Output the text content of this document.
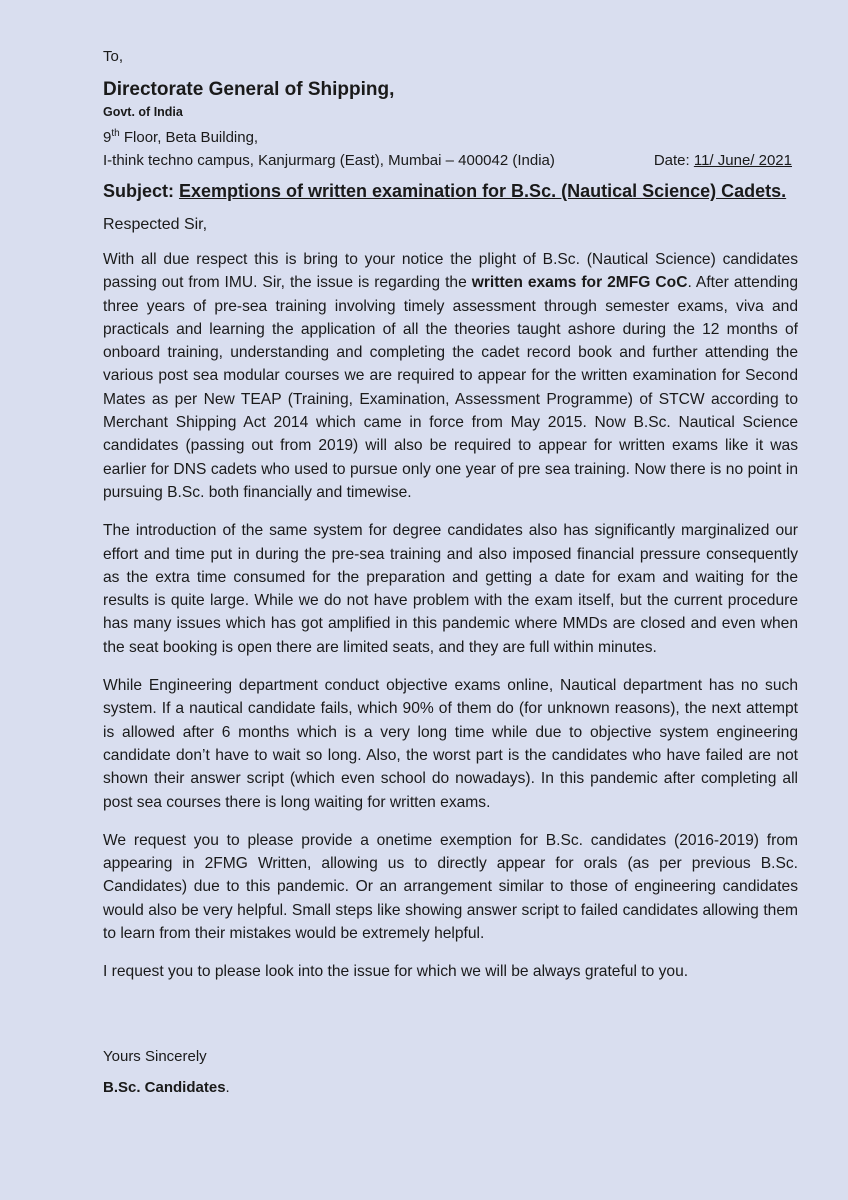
To,

Directorate General of Shipping,

Govt. of India

9th Floor, Beta Building,

I-think techno campus, Kanjurmarg (East), Mumbai – 400042 (India)	Date: 11/ June/ 2021

Subject: Exemptions of written examination for B.Sc. (Nautical Science) Cadets.

Respected Sir,

With all due respect this is bring to your notice the plight of B.Sc. (Nautical Science) candidates passing out from IMU. Sir, the issue is regarding the written exams for 2MFG CoC. After attending three years of pre-sea training involving timely assessment through semester exams, viva and practicals and learning the application of all the theories taught ashore during the 12 months of onboard training, understanding and completing the cadet record book and further attending the various post sea modular courses we are required to appear for the written examination for Second Mates as per New TEAP (Training, Examination, Assessment Programme) of STCW according to Merchant Shipping Act 2014 which came in force from May 2015. Now B.Sc. Nautical Science candidates (passing out from 2019) will also be required to appear for written exams like it was earlier for DNS cadets who used to pursue only one year of pre sea training. Now there is no point in pursuing B.Sc. both financially and timewise.

The introduction of the same system for degree candidates also has significantly marginalized our effort and time put in during the pre-sea training and also imposed financial pressure consequently as the extra time consumed for the preparation and getting a date for exam and waiting for the results is quite large. While we do not have problem with the exam itself, but the current procedure has many issues which has got amplified in this pandemic where MMDs are closed and even when the seat booking is open there are limited seats, and they are full within minutes.

While Engineering department conduct objective exams online, Nautical department has no such system. If a nautical candidate fails, which 90% of them do (for unknown reasons), the next attempt is allowed after 6 months which is a very long time while due to objective system engineering candidate don’t have to wait so long. Also, the worst part is the candidates who have failed are not shown their answer script (which even school do nowadays). In this pandemic after completing all post sea courses there is long waiting for written exams.

We request you to please provide a onetime exemption for B.Sc. candidates (2016-2019) from appearing in 2FMG Written, allowing us to directly appear for orals (as per previous B.Sc. Candidates) due to this pandemic. Or an arrangement similar to those of engineering candidates would also be very helpful. Small steps like showing answer script to failed candidates allowing them to learn from their mistakes would be extremely helpful.

I request you to please look into the issue for which we will be always grateful to you.

Yours Sincerely

B.Sc. Candidates.
